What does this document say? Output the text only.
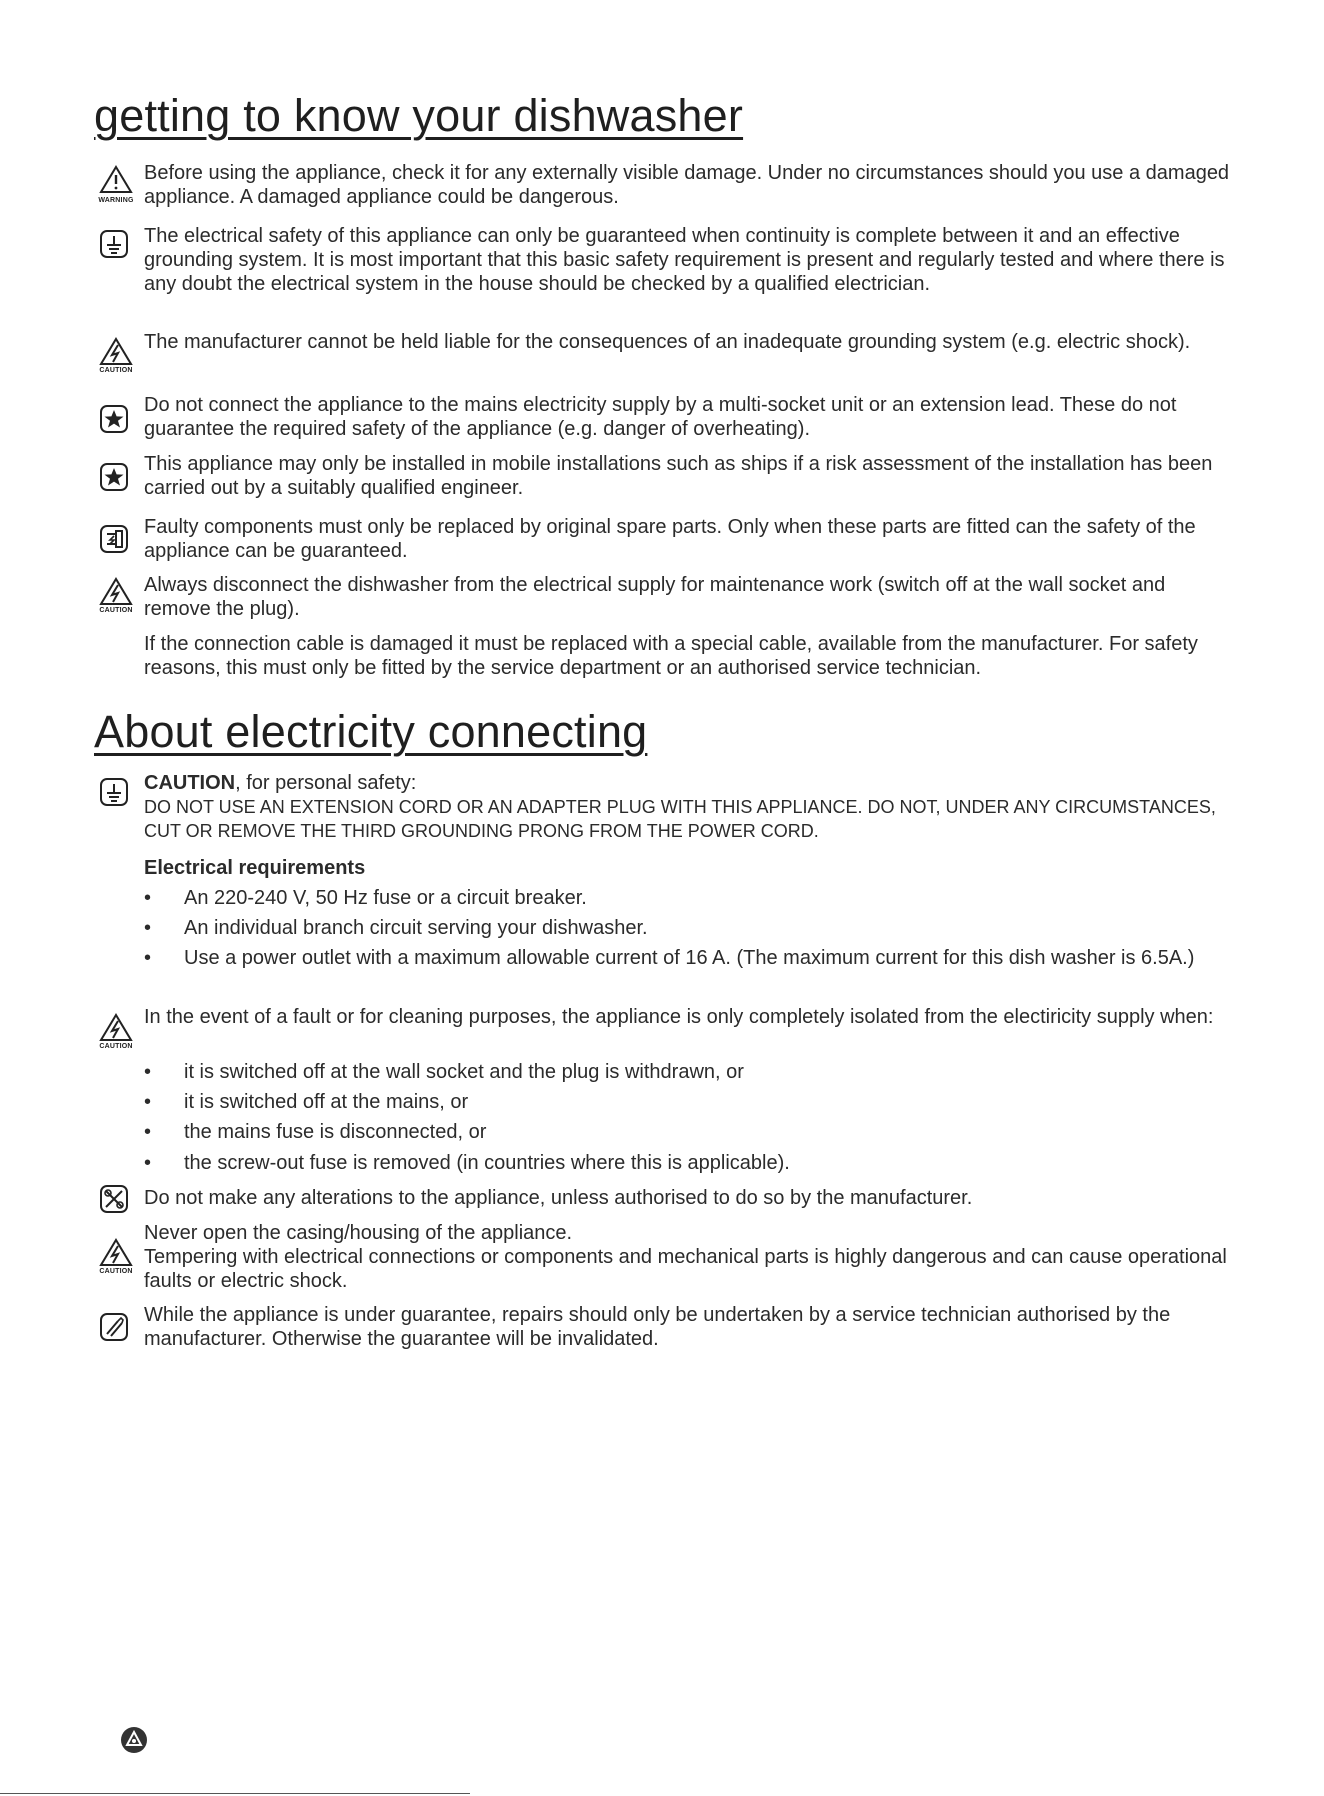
getting to know your dishwasher
WARNING
Before using the appliance, check it for any externally visible damage. Under no circumstances should you use a damaged appliance. A damaged appliance could be dangerous.
The electrical safety of this appliance can only be guaranteed when continuity is complete between it and an effective grounding system. It is most important that this basic safety requirement is present and regularly tested and where there is any doubt the electrical system in the house should be checked by a qualified electrician.
CAUTION
The manufacturer cannot be held liable for the consequences of an inadequate grounding system (e.g. electric shock).
Do not connect the appliance to the mains electricity supply by a multi-socket unit or an extension lead. These do not guarantee the required safety of the appliance (e.g. danger of overheating).
This appliance may only be installed in mobile installations such as ships if a risk assessment of the installation has been carried out by a suitably qualified engineer.
Faulty components must only be replaced by original spare parts. Only when these parts are fitted can the safety of the appliance can be guaranteed.
CAUTION
Always disconnect the dishwasher from the electrical supply for maintenance work (switch off at the wall socket and remove the plug).
If the connection cable is damaged it must be replaced with a special cable, available from the manufacturer. For safety reasons, this must only be fitted by the service department or an authorised service technician.
About electricity connecting

CAUTION, for personal safety:

DO NOT USE AN EXTENSION CORD OR AN ADAPTER PLUG WITH THIS APPLIANCE. DO NOT, UNDER ANY CIRCUMSTANCES, CUT OR REMOVE THE THIRD GROUNDING PRONG FROM THE POWER CORD.

Electrical requirements
• An 220-240 V, 50 Hz fuse or a circuit breaker.
• An individual branch circuit serving your dishwasher.
• Use a power outlet with a maximum allowable current of 16 A. (The maximum current for this dish washer is 6.5A.)
CAUTION
In the event of a fault or for cleaning purposes, the appliance is only completely isolated from the electiricity supply when:
• it is switched off at the wall socket and the plug is withdrawn, or
• it is switched off at the mains, or
• the mains fuse is disconnected, or
• the screw-out fuse is removed (in countries where this is applicable).
Do not make any alterations to the appliance, unless authorised to do so by the manufacturer.
CAUTION

Never open the casing/housing of the appliance.

Tempering with electrical connections or components and mechanical parts is highly dangerous and can cause operational faults or electric shock.

While the appliance is under guarantee, repairs should only be undertaken by a service technician authorised by the manufacturer. Otherwise the guarantee will be invalidated.
